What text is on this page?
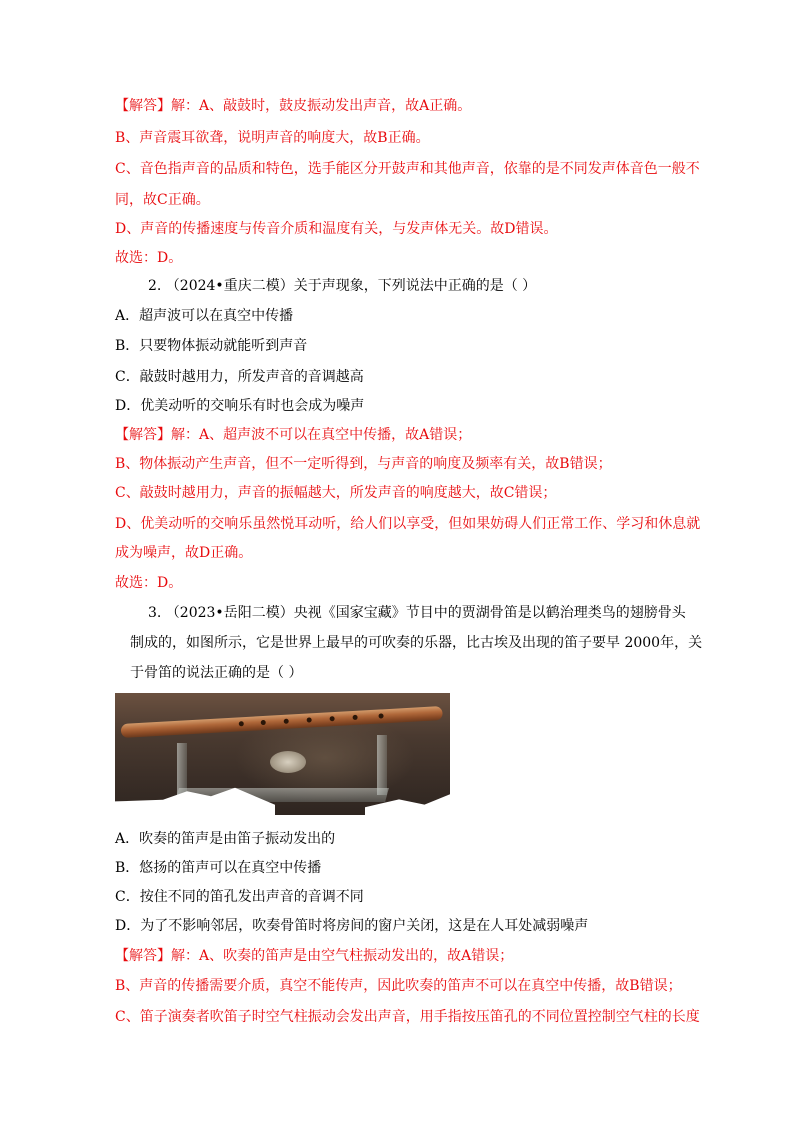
【解答】解：A、敲鼓时，鼓皮振动发出声音，故A正确。
B、声音震耳欲聋，说明声音的响度大，故B正确。
C、音色指声音的品质和特色，选手能区分开鼓声和其他声音，依靠的是不同发声体音色一般不
同，故C正确。
D、声音的传播速度与传音介质和温度有关，与发声体无关。故D错误。
故选：D。
2. （2024•重庆二模）关于声现象，下列说法中正确的是（ ）
A．超声波可以在真空中传播
B．只要物体振动就能听到声音
C．敲鼓时越用力，所发声音的音调越高
D．优美动听的交响乐有时也会成为噪声
【解答】解：A、超声波不可以在真空中传播，故A错误；
B、物体振动产生声音，但不一定听得到，与声音的响度及频率有关，故B错误；
C、敲鼓时越用力，声音的振幅越大，所发声音的响度越大，故C错误；
D、优美动听的交响乐虽然悦耳动听，给人们以享受，但如果妨碍人们正常工作、学习和休息就
成为噪声，故D正确。
故选：D。
3. （2023•岳阳二模）央视《国家宝藏》节目中的贾湖骨笛是以鹤治理类鸟的翅膀骨头
制成的，如图所示，它是世界上最早的可吹奏的乐器，比古埃及出现的笛子要早 2000年，关
于骨笛的说法正确的是（ ）
A．吹奏的笛声是由笛子振动发出的
B．悠扬的笛声可以在真空中传播
C．按住不同的笛孔发出声音的音调不同
D．为了不影响邻居，吹奏骨笛时将房间的窗户关闭，这是在人耳处减弱噪声
【解答】解：A、吹奏的笛声是由空气柱振动发出的，故A错误；
B、声音的传播需要介质，真空不能传声，因此吹奏的笛声不可以在真空中传播，故B错误；
C、笛子演奏者吹笛子时空气柱振动会发出声音，用手指按压笛孔的不同位置控制空气柱的长度
